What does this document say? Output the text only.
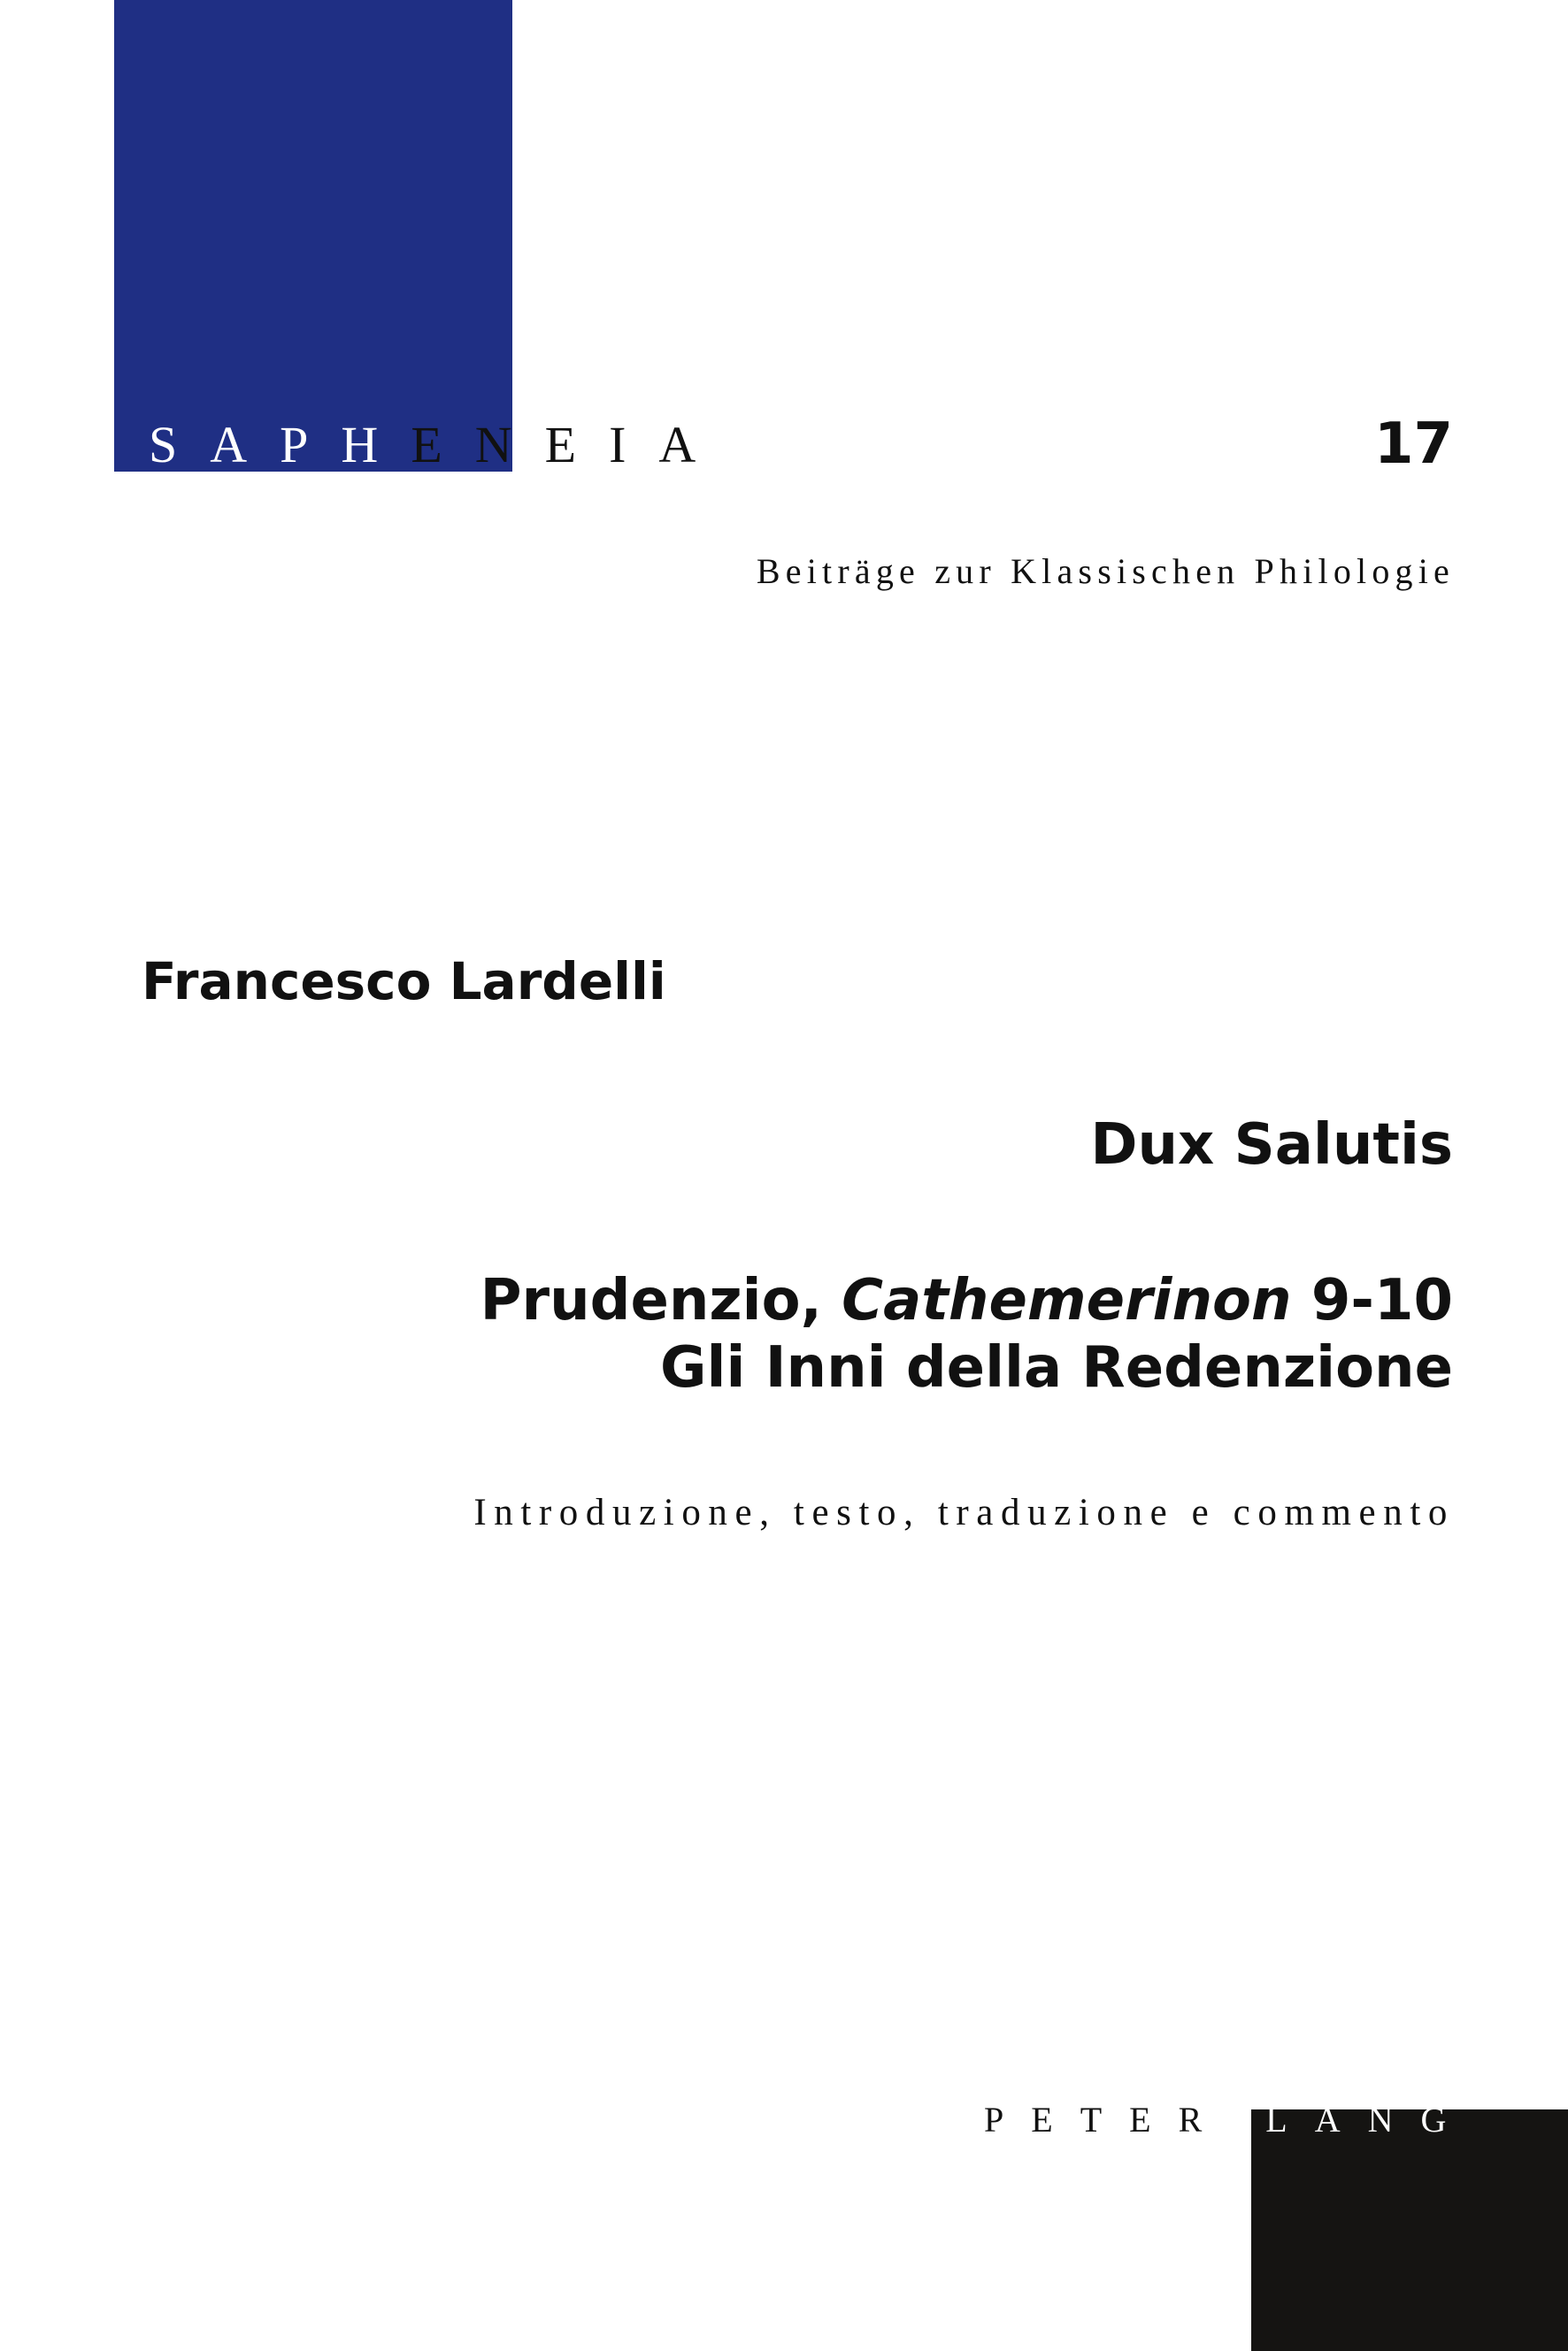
SAPHENEIA	17
Beiträge zur Klassischen Philologie
Francesco Lardelli
Dux Salutis
Prudenzio, Cathemerinon 9-10
Gli Inni della Redenzione
Introduzione, testo, traduzione e commento
PETER LANG
